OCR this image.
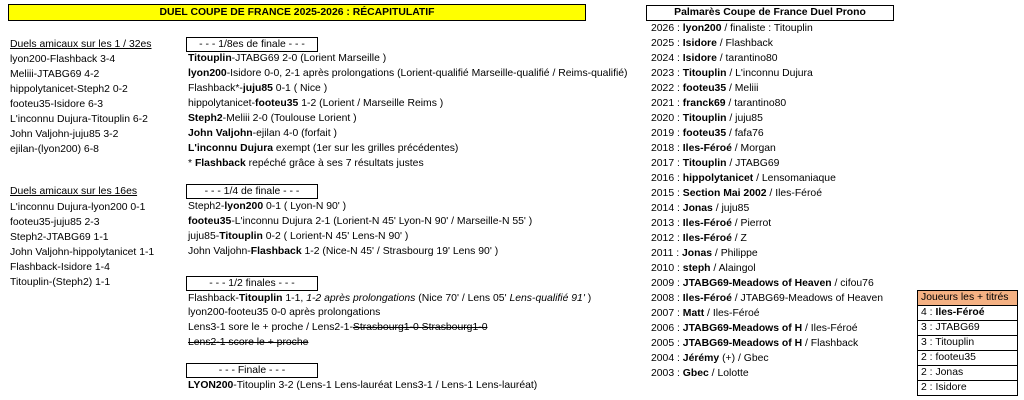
DUEL COUPE DE FRANCE 2025-2026 : RÉCAPITULATIF	Palmarès Coupe de France Duel Prono
Duels amicaux sur les 1 / 32es
lyon200-Flashback 3-4
Meliii-JTABG69 4-2
hippolytanicet-Steph2 0-2
footeu35-Isidore 6-3
L'inconnu Dujura-Titouplin 6-2
John Valjohn-juju85 3-2
ejilan-(lyon200) 6-8
Duels amicaux sur les 16es
L'inconnu Dujura-lyon200 0-1
footeu35-juju85 2-3
Steph2-JTABG69 1-1
John Valjohn-hippolytanicet 1-1
Flashback-Isidore 1-4
Titouplin-(Steph2) 1-1
- - - 1/8es de finale - - -
Titouplin-JTABG69 2-0 (Lorient Marseille )
lyon200-Isidore 0-0, 2-1 après prolongations (Lorient-qualifié Marseille-qualifié / Reims-qualifié)
Flashback*-juju85 0-1 ( Nice )
hippolytanicet-footeu35 1-2 (Lorient / Marseille Reims )
Steph2-Meliii 2-0 (Toulouse Lorient )
John Valjohn-ejilan 4-0 (forfait )
L'inconnu Dujura exempt (1er sur les grilles précédentes)
* Flashback repéché grâce à ses 7 résultats justes
- - - 1/4 de finale - - -
Steph2-lyon200 0-1 ( Lyon-N 90' )
footeu35-L'inconnu Dujura 2-1 (Lorient-N 45' Lyon-N 90' / Marseille-N 55' )
juju85-Titouplin 0-2 ( Lorient-N 45' Lens-N 90' )
John Valjohn-Flashback 1-2 (Nice-N 45' / Strasbourg 19' Lens 90' )
- - - 1/2 finales - - -
Flashback-Titouplin 1-1, 1-2 après prolongations (Nice 70' / Lens 05' Lens-qualifié 91' )
lyon200-footeu35 0-0 après prolongations
Lens3-1 sore le + proche / Lens2-1-Strasbourg1-0 Strasbourg1-0
Lens2-1 score le + proche
- - - Finale - - -
LYON200-Titouplin 3-2 (Lens-1 Lens-lauréat Lens3-1 / Lens-1 Lens-lauréat)
2026 : lyon200 / finaliste : Titouplin
2025 : Isidore / Flashback
2024 : Isidore / tarantino80
2023 : Titouplin / L'inconnu Dujura
2022 : footeu35 / Meliii
2021 : franck69 / tarantino80
2020 : Titouplin / juju85
2019 : footeu35 / fafa76
2018 : Iles-Féroé / Morgan
2017 : Titouplin / JTABG69
2016 : hippolytanicet / Lensomaniaque
2015 : Section Mai 2002 / Iles-Féroé
2014 : Jonas / juju85
2013 : Iles-Féroé / Pierrot
2012 : Iles-Féroé / Z
2011 : Jonas / Philippe
2010 : steph / Alaingol
2009 : JTABG69-Meadows of Heaven / cifou76
2008 : Iles-Féroé / JTABG69-Meadows of Heaven
2007 : Matt / Iles-Féroé
2006 : JTABG69-Meadows of H / Iles-Féroé
2005 : JTABG69-Meadows of H / Flashback
2004 : Jérémy (+) / Gbec
2003 : Gbec / Lolotte
Joueurs les + titrés
4 : Iles-Féroé
3 : JTABG69
3 : Titouplin
2 : footeu35
2 : Jonas
2 : Isidore
